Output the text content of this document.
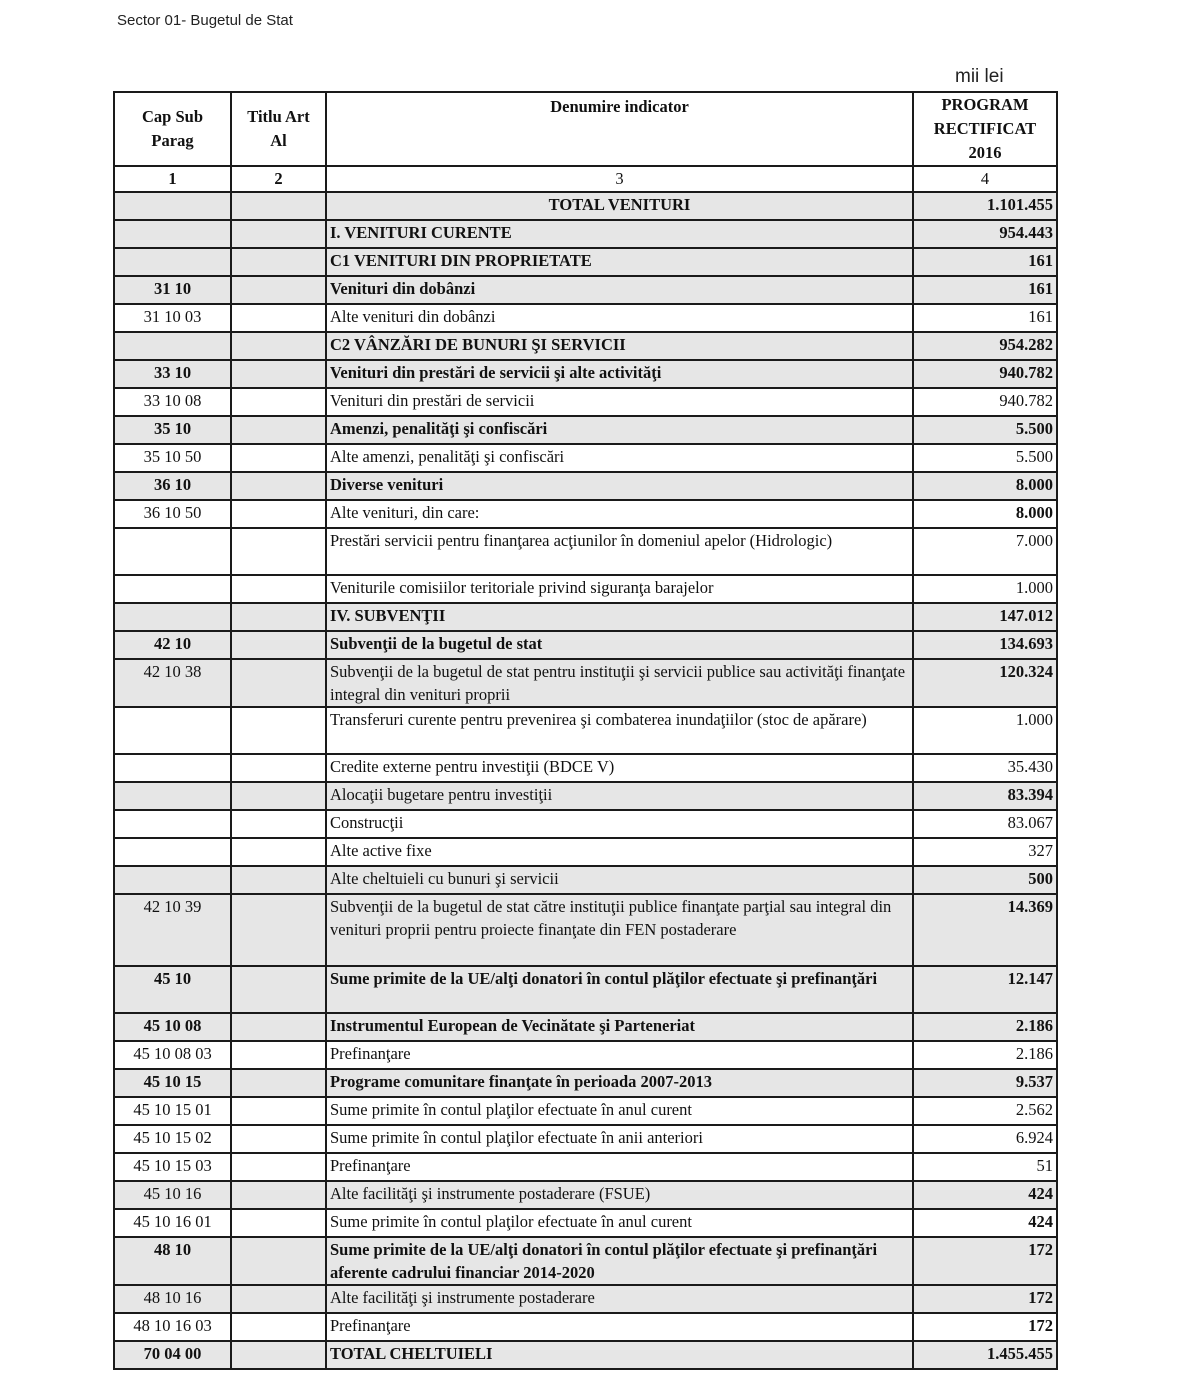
Sector 01- Bugetul de Stat
mii lei
Cap Sub Parag	Titlu Art Al	Denumire indicator	PROGRAM RECTIFICAT 2016
1	2	3	4
		TOTAL VENITURI	1.101.455
		I. VENITURI CURENTE	954.443
		C1 VENITURI DIN PROPRIETATE	161
31 10		Venituri din dobânzi	161
31 10 03		Alte venituri din dobânzi	161
		C2 VÂNZĂRI DE BUNURI ŞI SERVICII	954.282
33 10		Venituri din prestări de servicii şi alte activităţi	940.782
33 10 08		Venituri din prestări de servicii	940.782
35 10		Amenzi, penalităţi şi confiscări	5.500
35 10 50		Alte amenzi, penalităţi şi confiscări	5.500
36 10		Diverse venituri	8.000
36 10 50		Alte venituri, din care:	8.000
		Prestări servicii pentru finanţarea acţiunilor în domeniul apelor (Hidrologic)	7.000
		Veniturile comisiilor teritoriale privind siguranţa barajelor	1.000
		IV. SUBVENŢII	147.012
42 10		Subvenţii de la bugetul de stat	134.693
42 10 38		Subvenţii de la bugetul de stat pentru instituţii şi servicii publice sau activităţi finanţate integral din venituri proprii	120.324
		Transferuri curente pentru prevenirea şi combaterea inundaţiilor (stoc de apărare)	1.000
		Credite externe pentru investiţii (BDCE V)	35.430
		Alocaţii bugetare pentru investiţii	83.394
		Construcţii	83.067
		Alte active fixe	327
		Alte cheltuieli cu bunuri şi servicii	500
42 10 39		Subvenţii de la bugetul de stat către instituţii publice finanţate parţial sau integral din venituri proprii pentru proiecte finanţate din FEN postaderare	14.369
45 10		Sume primite de la UE/alţi donatori în contul plăţilor efectuate şi prefinanţări	12.147
45 10 08		Instrumentul European de Vecinătate şi Parteneriat	2.186
45 10 08 03		Prefinanţare	2.186
45 10 15		Programe comunitare finanţate în perioada 2007-2013	9.537
45 10 15 01		Sume primite în contul plaţilor efectuate în anul curent	2.562
45 10 15 02		Sume primite în contul plaţilor efectuate în anii anteriori	6.924
45 10 15 03		Prefinanţare	51
45 10 16		Alte facilităţi şi instrumente postaderare (FSUE)	424
45 10 16 01		Sume primite în contul plaţilor efectuate în anul curent	424
48 10		Sume primite de la UE/alţi donatori în contul plăţilor efectuate şi prefinanţări aferente cadrului financiar 2014-2020	172
48 10 16		Alte facilităţi şi instrumente postaderare	172
48 10 16 03		Prefinanţare	172
70 04 00		TOTAL CHELTUIELI	1.455.455
